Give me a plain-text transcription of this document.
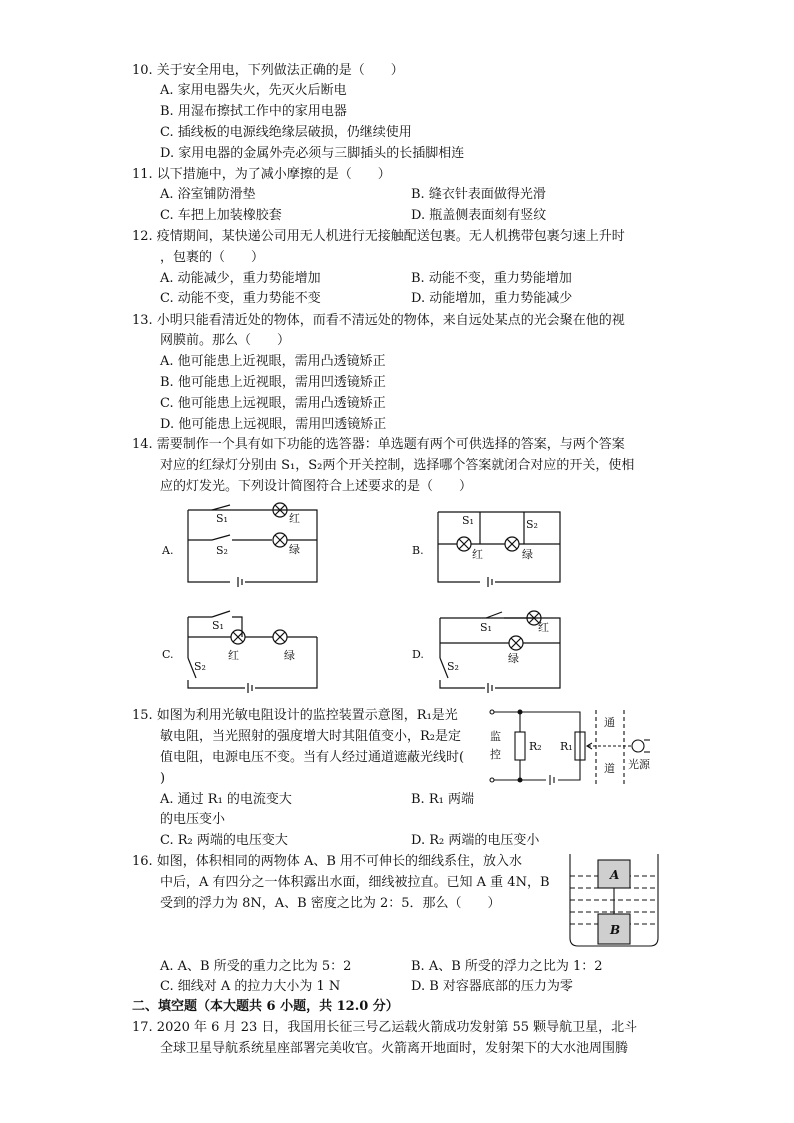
10. 关于安全用电，下列做法正确的是（　　）
A. 家用电器失火，先灭火后断电
B. 用湿布擦拭工作中的家用电器
C. 插线板的电源线绝缘层破损，仍继续使用
D. 家用电器的金属外壳必须与三脚插头的长插脚相连
11. 以下措施中，为了减小摩擦的是（　　）
A. 浴室铺防滑垫	B. 缝衣针表面做得光滑
C. 车把上加装橡胶套	D. 瓶盖侧表面刻有竖纹
12. 疫情期间，某快递公司用无人机进行无接触配送包裹。无人机携带包裹匀速上升时
，包裹的（　　）
A. 动能减少，重力势能增加	B. 动能不变，重力势能增加
C. 动能不变，重力势能不变	D. 动能增加，重力势能减少
13. 小明只能看清近处的物体，而看不清远处的物体，来自远处某点的光会聚在他的视
网膜前。那么（　　）
A. 他可能患上近视眼，需用凸透镜矫正
B. 他可能患上近视眼，需用凹透镜矫正
C. 他可能患上远视眼，需用凸透镜矫正
D. 他可能患上远视眼，需用凹透镜矫正
14. 需要制作一个具有如下功能的选答器：单选题有两个可供选择的答案，与两个答案
对应的红绿灯分别由 S₁，S₂两个开关控制，选择哪个答案就闭合对应的开关，使相
应的灯发光。下列设计简图符合上述要求的是（　　）
A.
S₁
S₂
红
绿	B.
S₁	S₂
红	绿
C.
S₁
S₂
红	绿	D.
S₁
S₂
红
绿
15. 如图为利用光敏电阻设计的监控装置示意图，R₁是光
敏电阻，当光照射的强度增大时其阻值变小，R₂是定
值电阻，电源电压不变。当有人经过通道遮蔽光线时(
)
A. 通过 R₁ 的电流变大	B. R₁ 两端
的电压变小
C. R₂ 两端的电压变大	D. R₂ 两端的电压变小
监
控
R₂ R₁
通
道 光源
16. 如图，体积相同的两物体 A、B 用不可伸长的细线系住，放入水
中后，A 有四分之一体积露出水面，细线被拉直。已知 A 重 4N，B
受到的浮力为 8N，A、B 密度之比为 2：5．那么（　　）
A. A、B 所受的重力之比为 5：2	B. A、B 所受的浮力之比为 1：2
C. 细线对 A 的拉力大小为 1 N	D. B 对容器底部的压力为零
A
B
二、填空题（本大题共 6 小题，共 12.0 分）
17. 2020 年 6 月 23 日，我国用长征三号乙运载火箭成功发射第 55 颗导航卫星，北斗
全球卫星导航系统星座部署完美收官。火箭离开地面时，发射架下的大水池周围腾
